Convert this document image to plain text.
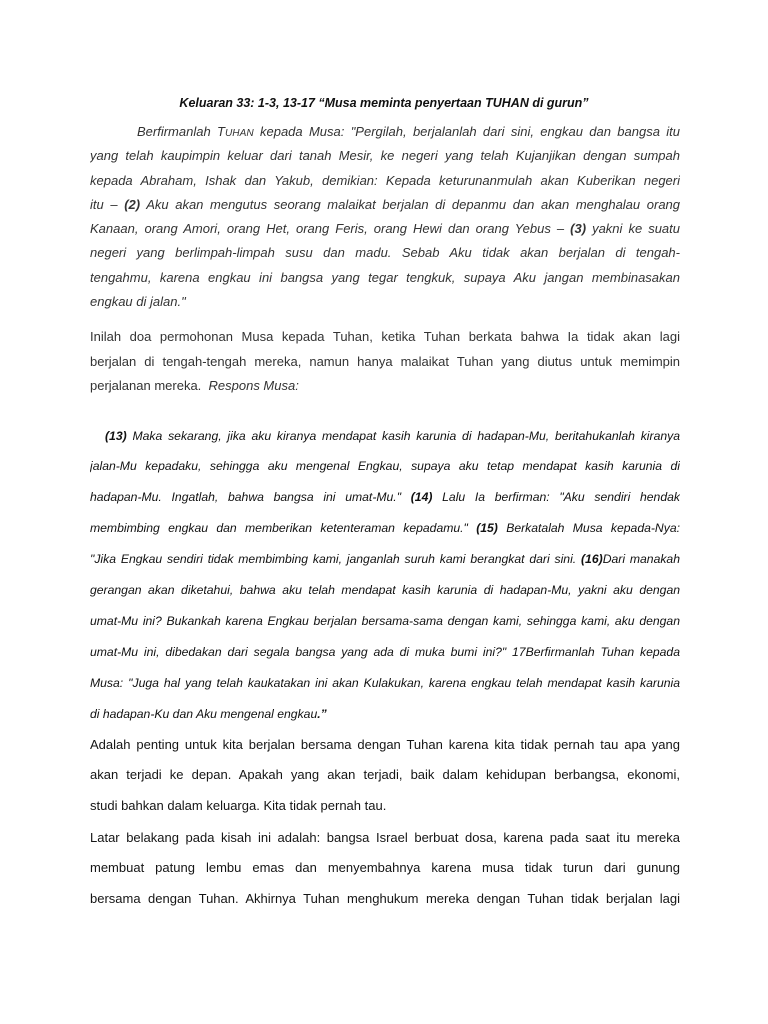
Keluaran 33: 1-3, 13-17 “Musa meminta penyertaan TUHAN di gurun”
Berfirmanlah TUHAN kepada Musa: "Pergilah, berjalanlah dari sini, engkau dan bangsa itu
yang telah kaupimpin keluar dari tanah Mesir, ke negeri yang telah Kujanjikan dengan sumpah
kepada Abraham, Ishak dan Yakub, demikian: Kepada keturunanmulah akan Kuberikan negeri
itu – (2) Aku akan mengutus seorang malaikat berjalan di depanmu dan akan menghalau orang
Kanaan, orang Amori, orang Het, orang Feris, orang Hewi dan orang Yebus – (3) yakni ke suatu
negeri yang berlimpah-limpah susu dan madu. Sebab Aku tidak akan berjalan di tengah-
tengahmu, karena engkau ini bangsa yang tegar tengkuk, supaya Aku jangan membinasakan
engkau di jalan."
Inilah doa permohonan Musa kepada Tuhan, ketika Tuhan berkata bahwa Ia tidak akan lagi
berjalan di tengah-tengah mereka, namun hanya malaikat Tuhan yang diutus untuk memimpin
perjalanan mereka.  Respons Musa:
(13) Maka sekarang, jika aku kiranya mendapat kasih karunia di hadapan-Mu, beritahukanlah kiranya
jalan-Mu kepadaku, sehingga aku mengenal Engkau, supaya aku tetap mendapat kasih karunia di
hadapan-Mu. Ingatlah, bahwa bangsa ini umat-Mu." (14) Lalu Ia berfirman: "Aku sendiri hendak
membimbing engkau dan memberikan ketenteraman kepadamu." (15) Berkatalah Musa kepada-Nya:
"Jika Engkau sendiri tidak membimbing kami, janganlah suruh kami berangkat dari sini. (16)Dari manakah
gerangan akan diketahui, bahwa aku telah mendapat kasih karunia di hadapan-Mu, yakni aku dengan
umat-Mu ini? Bukankah karena Engkau berjalan bersama-sama dengan kami, sehingga kami, aku dengan
umat-Mu ini, dibedakan dari segala bangsa yang ada di muka bumi ini?" 17Berfirmanlah Tuhan kepada
Musa: "Juga hal yang telah kaukatakan ini akan Kulakukan, karena engkau telah mendapat kasih karunia
di hadapan-Ku dan Aku mengenal engkau.”
Adalah penting untuk kita berjalan bersama dengan Tuhan karena kita tidak pernah tau apa yang
akan terjadi ke depan. Apakah yang akan terjadi, baik dalam kehidupan berbangsa, ekonomi,
studi bahkan dalam keluarga. Kita tidak pernah tau.
Latar belakang pada kisah ini adalah: bangsa Israel berbuat dosa, karena pada saat itu mereka
membuat patung lembu emas dan menyembahnya karena musa tidak turun dari gunung
bersama dengan Tuhan. Akhirnya Tuhan menghukum mereka dengan Tuhan tidak berjalan lagi
